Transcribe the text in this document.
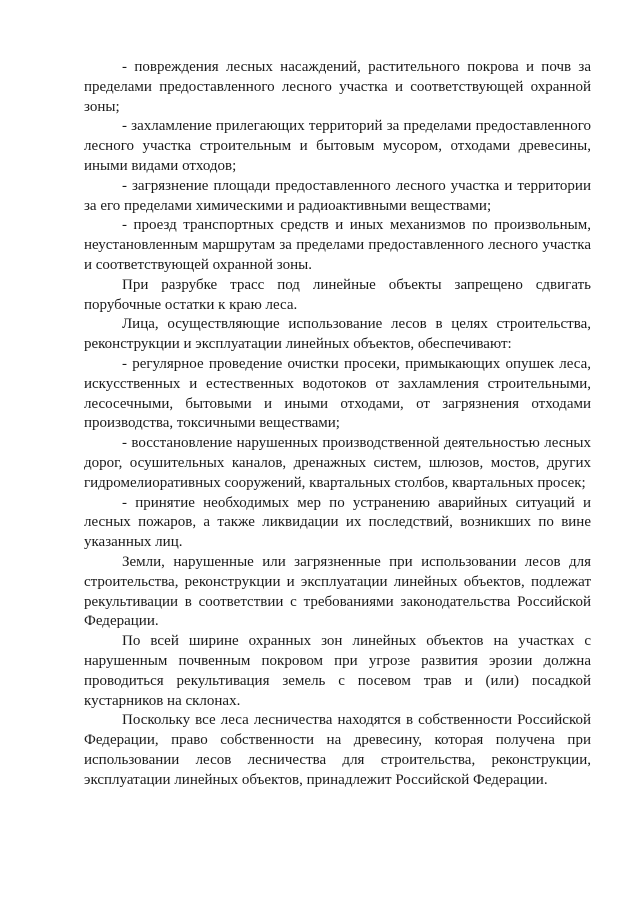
- повреждения лесных насаждений, растительного покрова и почв за пределами предоставленного лесного участка и соответствующей охранной зоны;

- захламление прилегающих территорий за пределами предоставленного лесного участка строительным и бытовым мусором, отходами древесины, иными видами отходов;

- загрязнение площади предоставленного лесного участка и территории за его пределами химическими и радиоактивными веществами;

- проезд транспортных средств и иных механизмов по произвольным, неустановленным маршрутам за пределами предоставленного лесного участка и соответствующей охранной зоны.

При разрубке трасс под линейные объекты запрещено сдвигать порубочные остатки к краю леса.

Лица, осуществляющие использование лесов в целях строительства, реконструкции и эксплуатации линейных объектов, обеспечивают:

- регулярное проведение очистки просеки, примыкающих опушек леса, искусственных и естественных водотоков от захламления строительными, лесосечными, бытовыми и иными отходами, от загрязнения отходами производства, токсичными веществами;

- восстановление нарушенных производственной деятельностью лесных дорог, осушительных каналов, дренажных систем, шлюзов, мостов, других гидромелиоративных сооружений, квартальных столбов, квартальных просек;

- принятие необходимых мер по устранению аварийных ситуаций и лесных пожаров, а также ликвидации их последствий, возникших по вине указанных лиц.

Земли, нарушенные или загрязненные при использовании лесов для строительства, реконструкции и эксплуатации линейных объектов, подлежат рекультивации в соответствии с требованиями законодательства Российской Федерации.

По всей ширине охранных зон линейных объектов на участках с нарушенным почвенным покровом при угрозе развития эрозии должна проводиться рекультивация земель с посевом трав и (или) посадкой кустарников на склонах.

Поскольку все леса лесничества находятся в собственности Российской Федерации, право собственности на древесину, которая получена при использовании лесов лесничества для строительства, реконструкции, эксплуатации линейных объектов, принадлежит Российской Федерации.
